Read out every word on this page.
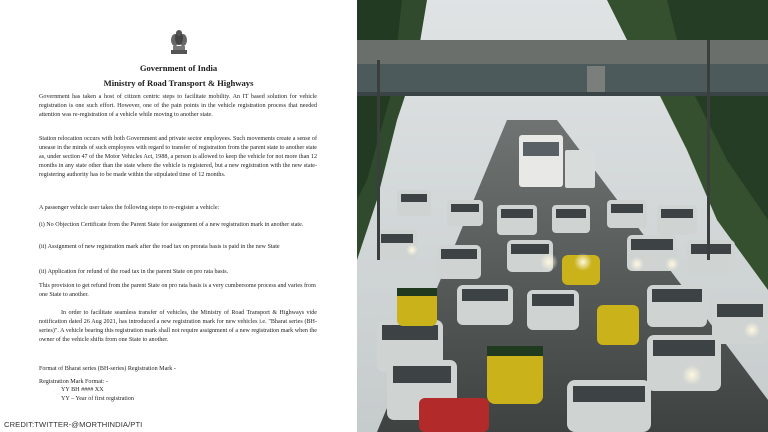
Government of India
Ministry of Road Transport & Highways

Government has taken a host of citizen centric steps to facilitate mobility. An IT based solution for vehicle registration is one such effort. However, one of the pain points in the vehicle registration process that needed attention was re-registration of a vehicle while moving to another state.

Station relocation occurs with both Government and private sector employees. Such movements create a sense of unease in the minds of such employees with regard to transfer of registration from the parent state to another state as, under section 47 of the Motor Vehicles Act, 1988, a person is allowed to keep the vehicle for not more than 12 months in any state other than the state where the vehicle is registered, but a new registration with the new state- registering authority has to be made within the stipulated time of 12 months.

A passenger vehicle user takes the following steps to re-register a vehicle:

(i) No Objection Certificate from the Parent State for assignment of a new registration mark in another state.

(ii) Assignment of new registration mark after the road tax on prorata basis is paid in the new State

(ii) Application for refund of the road tax in the parent State on pro rata basis.

This provision to get refund from the parent State on pro rata basis is a very cumbersome process and varies from one State to another.

In order to facilitate seamless transfer of vehicles, the Ministry of Road Transport & Highways vide notification dated 26 Aug 2021, has introduced a new registration mark for new vehicles i.e. "Bharat series (BH-series)". A vehicle bearing this registration mark shall not require assignment of a new registration mark when the owner of the vehicle shifts from one State to another.

Format of Bharat series (BH-series) Registration Mark -

Registration Mark Format: -
YY BH #### XX
YY – Year of first registration
CREDIT:TWITTER-@MORTHINDIA/PTI
